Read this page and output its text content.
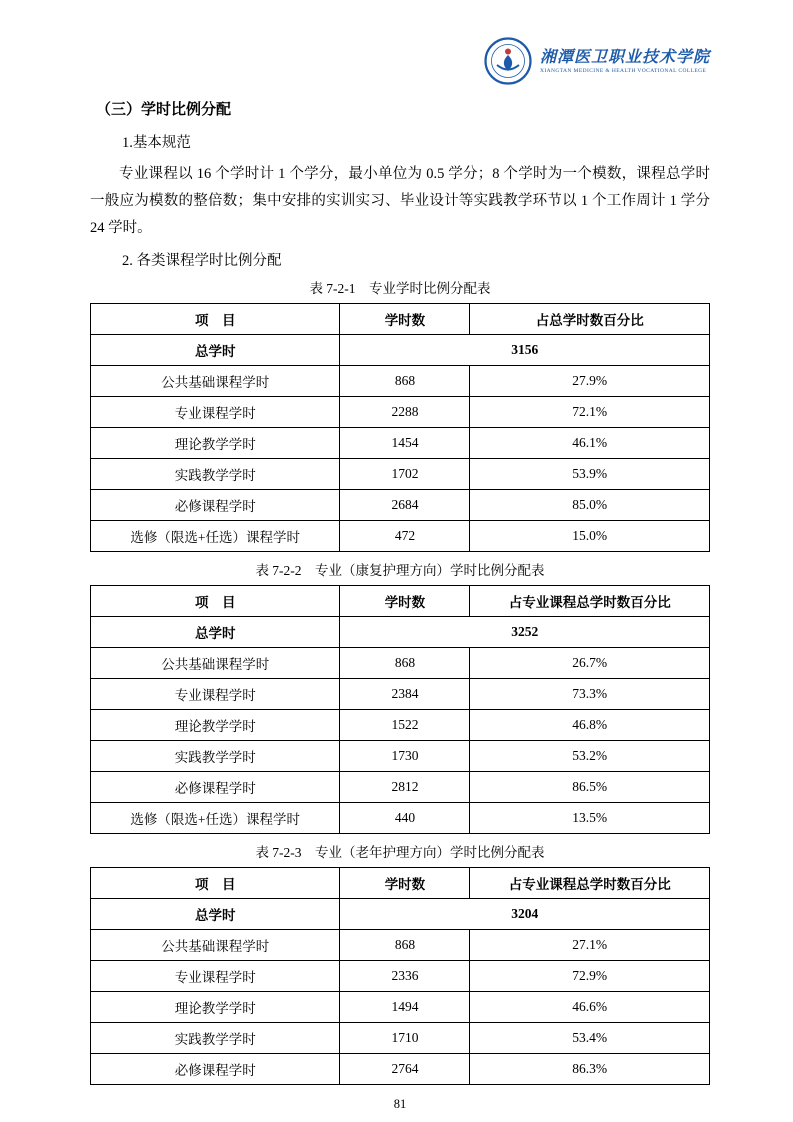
湘潭医卫职业技术学院
XIANGTAN MEDICINE & HEALTH VOCATIONAL COLLEGE
（三）学时比例分配
1.基本规范

专业课程以 16 个学时计 1 个学分，最小单位为 0.5 学分；8 个学时为一个模数，课程总学时一般应为模数的整倍数；集中安排的实训实习、毕业设计等实践教学环节以 1 个工作周计 1 学分 24 学时。

2. 各类课程学时比例分配

表 7-2-1　专业学时比例分配表

项　目	学时数	占总学时数百分比
总学时	3156	
公共基础课程学时	868	27.9%
专业课程学时	2288	72.1%
理论教学学时	1454	46.1%
实践教学学时	1702	53.9%
必修课程学时	2684	85.0%
选修（限选+任选）课程学时	472	15.0%

表 7-2-2　专业（康复护理方向）学时比例分配表

项　目	学时数	占专业课程总学时数百分比
总学时	3252	
公共基础课程学时	868	26.7%
专业课程学时	2384	73.3%
理论教学学时	1522	46.8%
实践教学学时	1730	53.2%
必修课程学时	2812	86.5%
选修（限选+任选）课程学时	440	13.5%

表 7-2-3　专业（老年护理方向）学时比例分配表

项　目	学时数	占专业课程总学时数百分比
总学时	3204	
公共基础课程学时	868	27.1%
专业课程学时	2336	72.9%
理论教学学时	1494	46.6%
实践教学学时	1710	53.4%
必修课程学时	2764	86.3%
81
